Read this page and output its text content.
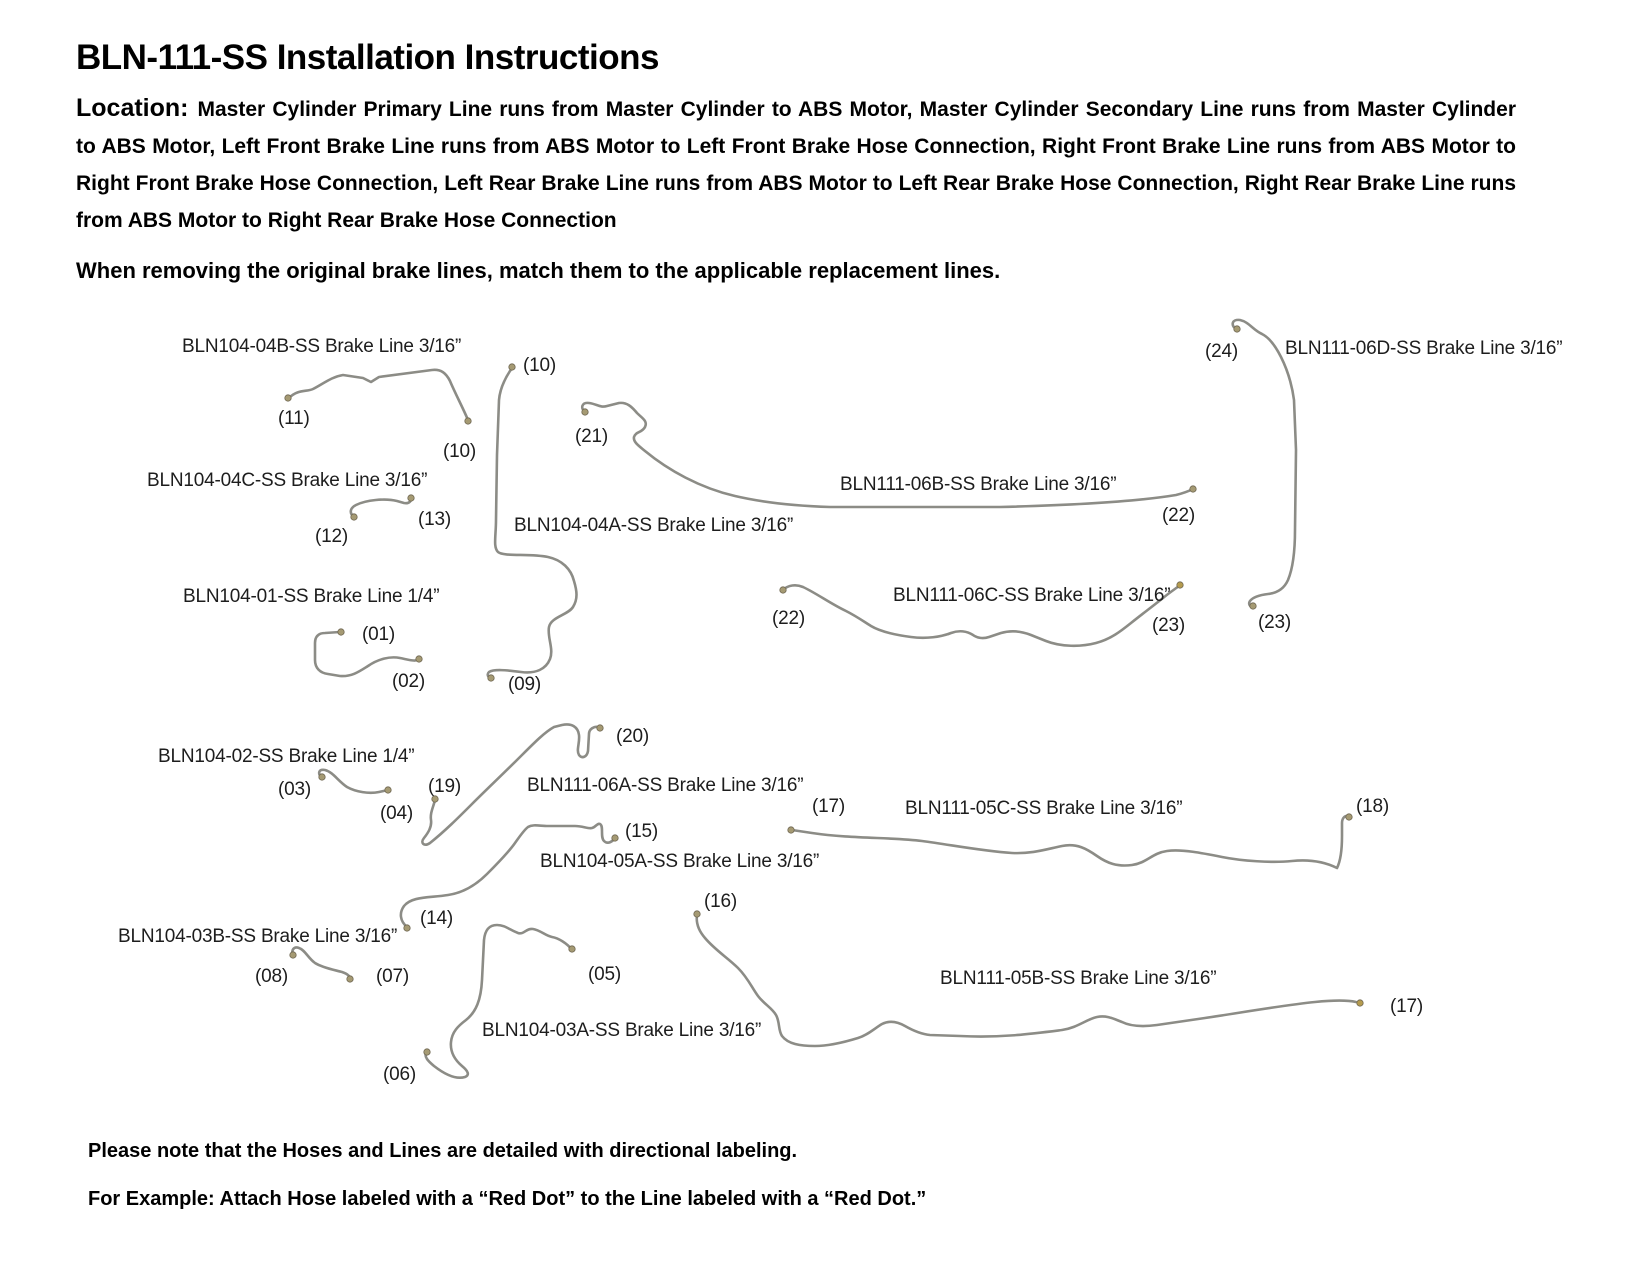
BLN-111-SS Installation Instructions

Location: Master Cylinder Primary Line runs from Master Cylinder to ABS Motor, Master Cylinder Secondary Line runs from Master Cylinder to ABS Motor, Left Front Brake Line runs from ABS Motor to Left Front Brake Hose Connection, Right Front Brake Line runs from ABS Motor to Right Front Brake Hose Connection, Left Rear Brake Line runs from ABS Motor to Left Rear Brake Hose Connection, Right Rear Brake Line runs from ABS Motor to Right Rear Brake Hose Connection

When removing the original brake lines, match them to the applicable replacement lines.

BLN104-04B-SS Brake Line 3/16”	BLN111-06D-SS Brake Line 3/16”
BLN104-04C-SS Brake Line 3/16”	BLN111-06B-SS Brake Line 3/16”
BLN104-04A-SS Brake Line 3/16”
BLN104-01-SS Brake Line 1/4”	BLN111-06C-SS Brake Line 3/16”
BLN104-02-SS Brake Line 1/4”
BLN111-06A-SS Brake Line 3/16”
BLN111-05C-SS Brake Line 3/16”
BLN104-05A-SS Brake Line 3/16”
BLN104-03B-SS Brake Line 3/16”
BLN111-05B-SS Brake Line 3/16”
BLN104-03A-SS Brake Line 3/16”
(11)
(10)
(10)
(21)
(24)
(22)
(13)
(12)
(01)
(22)	(23)	(23)
(02)	(09)
(20)
(03)	(19)
(04)	(17)	(18)
(15)
(14)
(16)
(08)	(07)	(05)
(17)
(06)

Please note that the Hoses and Lines are detailed with directional labeling.

For Example: Attach Hose labeled with a “Red Dot” to the Line labeled with a “Red Dot.”
